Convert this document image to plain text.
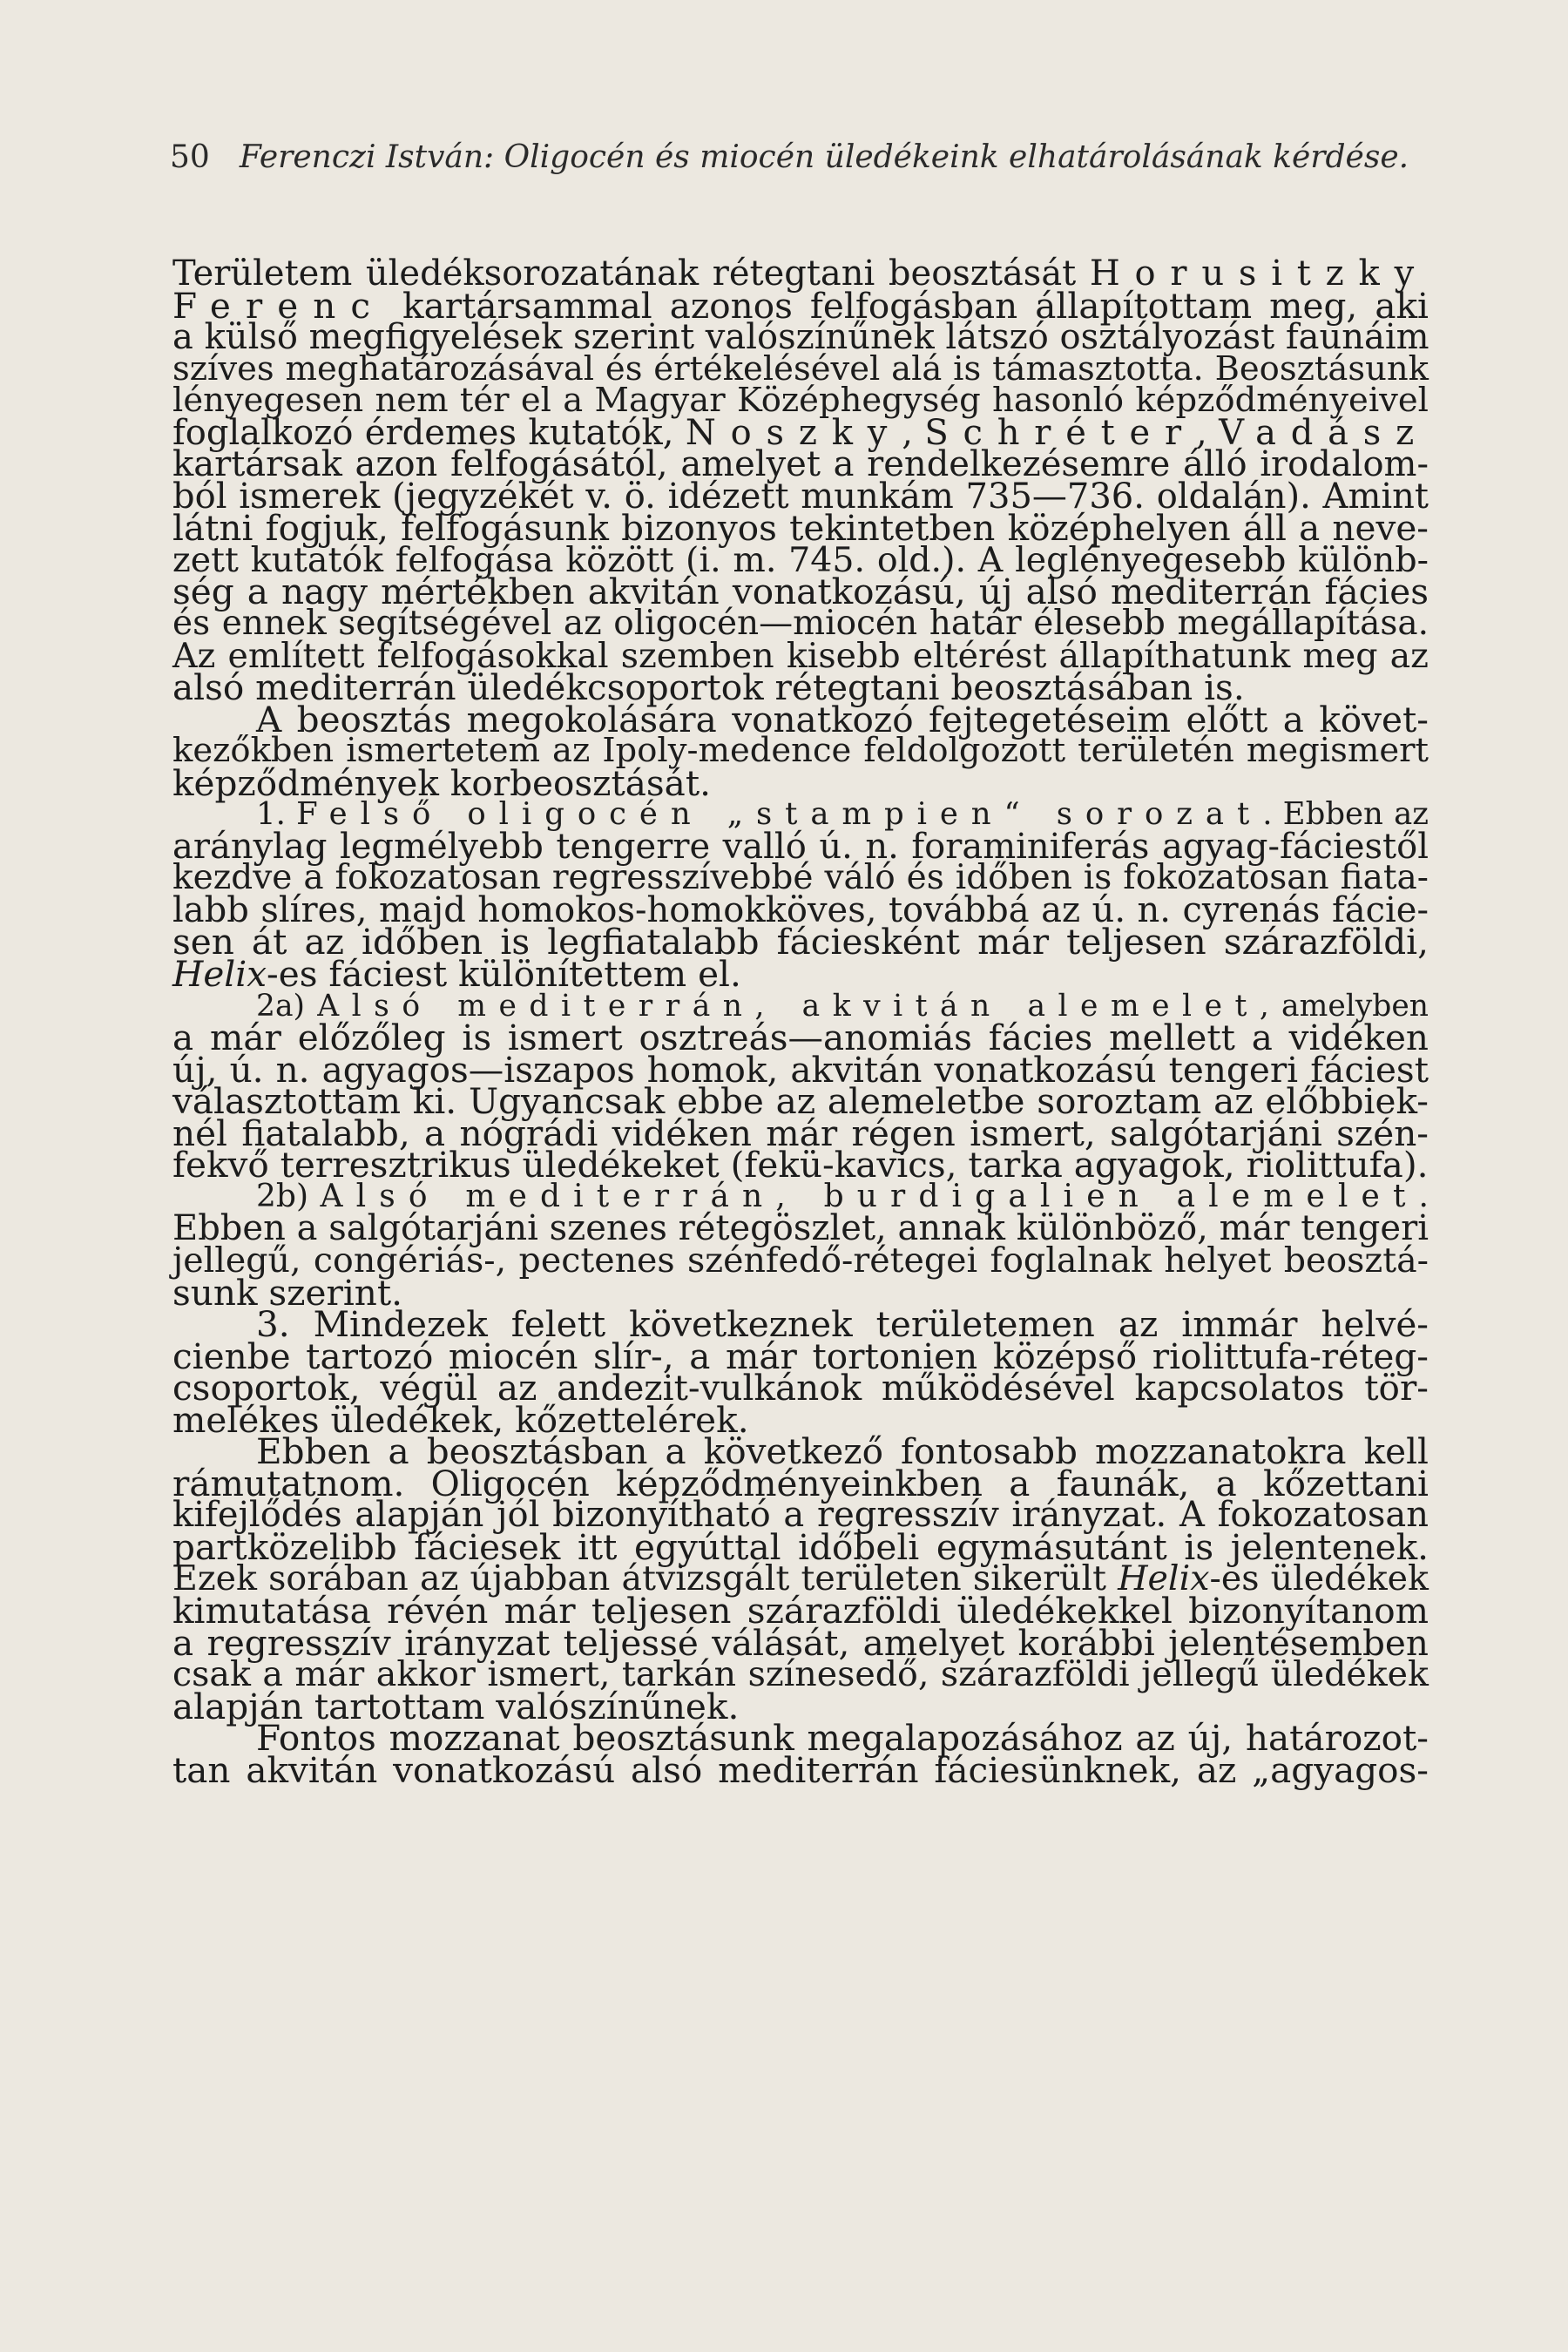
50 Ferenczi István: Oligocén és miocén üledékeink elhatárolásának kérdése.
Területem üledéksorozatának rétegtani beosztását Horusitzky
Ferenc kartársammal azonos felfogásban állapítottam meg, aki
a külső megfigyelések szerint valószínűnek látszó osztályozást faunáim
szíves meghatározásával és értékelésével alá is támasztotta. Beosztásunk
lényegesen nem tér el a Magyar Középhegység hasonló képződményeivel
foglalkozó érdemes kutatók, Noszky, Schréter, Vadász
kartársak azon felfogásától, amelyet a rendelkezésemre álló irodalom-
ból ismerek (jegyzékét v. ö. idézett munkám 735—736. oldalán). Amint
látni fogjuk, felfogásunk bizonyos tekintetben középhelyen áll a neve-
zett kutatók felfogása között (i. m. 745. old.). A leglényegesebb különb-
ség a nagy mértékben akvitán vonatkozású, új alsó mediterrán fácies
és ennek segítségével az oligocén—miocén határ élesebb megállapítása.
Az említett felfogásokkal szemben kisebb eltérést állapíthatunk meg az
alsó mediterrán üledékcsoportok rétegtani beosztásában is.
A beosztás megokolására vonatkozó fejtegetéseim előtt a követ-
kezőkben ismertetem az Ipoly-medence feldolgozott területén megismert
képződmények korbeosztását.
1. Felső oligocén „stampien“ sorozat. Ebben az
aránylag legmélyebb tengerre valló ú. n. foraminiferás agyag-fáciestől
kezdve a fokozatosan regresszívebbé váló és időben is fokozatosan fiata-
labb slíres, majd homokos-homokköves, továbbá az ú. n. cyrenás fácie-
sen át az időben is legfiatalabb fáciesként már teljesen szárazföldi,
Helix-es fáciest különítettem el.
2a) Alsó mediterrán, akvitán alemelet, amelyben
a már előzőleg is ismert osztreás—anomiás fácies mellett a vidéken
új, ú. n. agyagos—iszapos homok, akvitán vonatkozású tengeri fáciest
választottam ki. Ugyancsak ebbe az alemeletbe soroztam az előbbiek-
nél fiatalabb, a nógrádi vidéken már régen ismert, salgótarjáni szén-
fekvő terresztrikus üledékeket (fekü-kavics, tarka agyagok, riolittufa).
2b) Alsó mediterrán, burdigalien alemelet.
Ebben a salgótarjáni szenes rétegöszlet, annak különböző, már tengeri
jellegű, congériás-, pectenes szénfedő-rétegei foglalnak helyet beosztá-
sunk szerint.
3. Mindezek felett következnek területemen az immár helvé-
cienbe tartozó miocén slír-, a már tortonien középső riolittufa-réteg-
csoportok, végül az andezit-vulkánok működésével kapcsolatos tör-
melékes üledékek, kőzettelérek.
Ebben a beosztásban a következő fontosabb mozzanatokra kell
rámutatnom. Oligocén képződményeinkben a faunák, a kőzettani
kifejlődés alapján jól bizonyítható a regresszív irányzat. A fokozatosan
partközelibb fáciesek itt egyúttal időbeli egymásutánt is jelentenek.
Ezek sorában az újabban átvizsgált területen sikerült Helix-es üledékek
kimutatása révén már teljesen szárazföldi üledékekkel bizonyítanom
a regresszív irányzat teljessé válását, amelyet korábbi jelentésemben
csak a már akkor ismert, tarkán színesedő, szárazföldi jellegű üledékek
alapján tartottam valószínűnek.
Fontos mozzanat beosztásunk megalapozásához az új, határozot-
tan akvitán vonatkozású alsó mediterrán fáciesünknek, az „agyagos-
